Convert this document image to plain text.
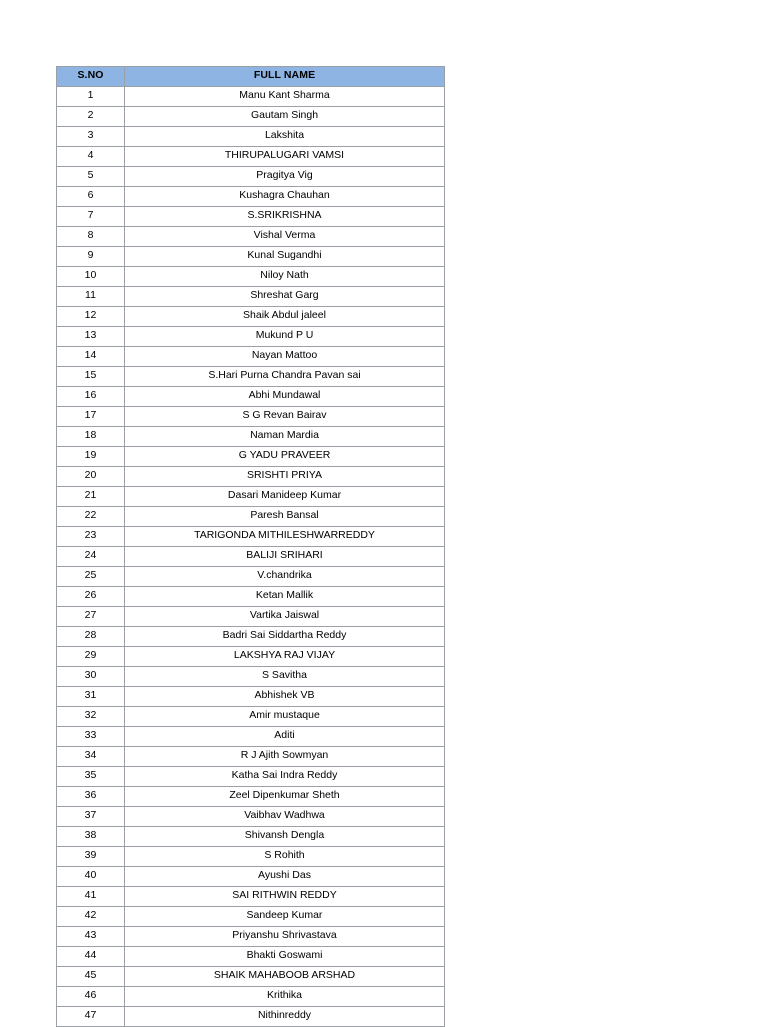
S.NO	FULL NAME
1	Manu Kant Sharma
2	Gautam Singh
3	Lakshita
4	THIRUPALUGARI VAMSI
5	Pragitya Vig
6	Kushagra Chauhan
7	S.SRIKRISHNA
8	Vishal Verma
9	Kunal Sugandhi
10	Niloy Nath
11	Shreshat Garg
12	Shaik Abdul jaleel
13	Mukund P U
14	Nayan Mattoo
15	S.Hari Purna Chandra Pavan sai
16	Abhi Mundawal
17	S G Revan Bairav
18	Naman Mardia
19	G YADU PRAVEER
20	SRISHTI PRIYA
21	Dasari Manideep Kumar
22	Paresh Bansal
23	TARIGONDA MITHILESHWARREDDY
24	BALIJI SRIHARI
25	V.chandrika
26	Ketan Mallik
27	Vartika Jaiswal
28	Badri Sai Siddartha Reddy
29	LAKSHYA RAJ VIJAY
30	S Savitha
31	Abhishek VB
32	Amir mustaque
33	Aditi
34	R J Ajith Sowmyan
35	Katha Sai Indra Reddy
36	Zeel Dipenkumar Sheth
37	Vaibhav Wadhwa
38	Shivansh Dengla
39	S Rohith
40	Ayushi Das
41	SAI RITHWIN REDDY
42	Sandeep Kumar
43	Priyanshu Shrivastava
44	Bhakti Goswami
45	SHAIK MAHABOOB ARSHAD
46	Krithika
47	Nithinreddy
